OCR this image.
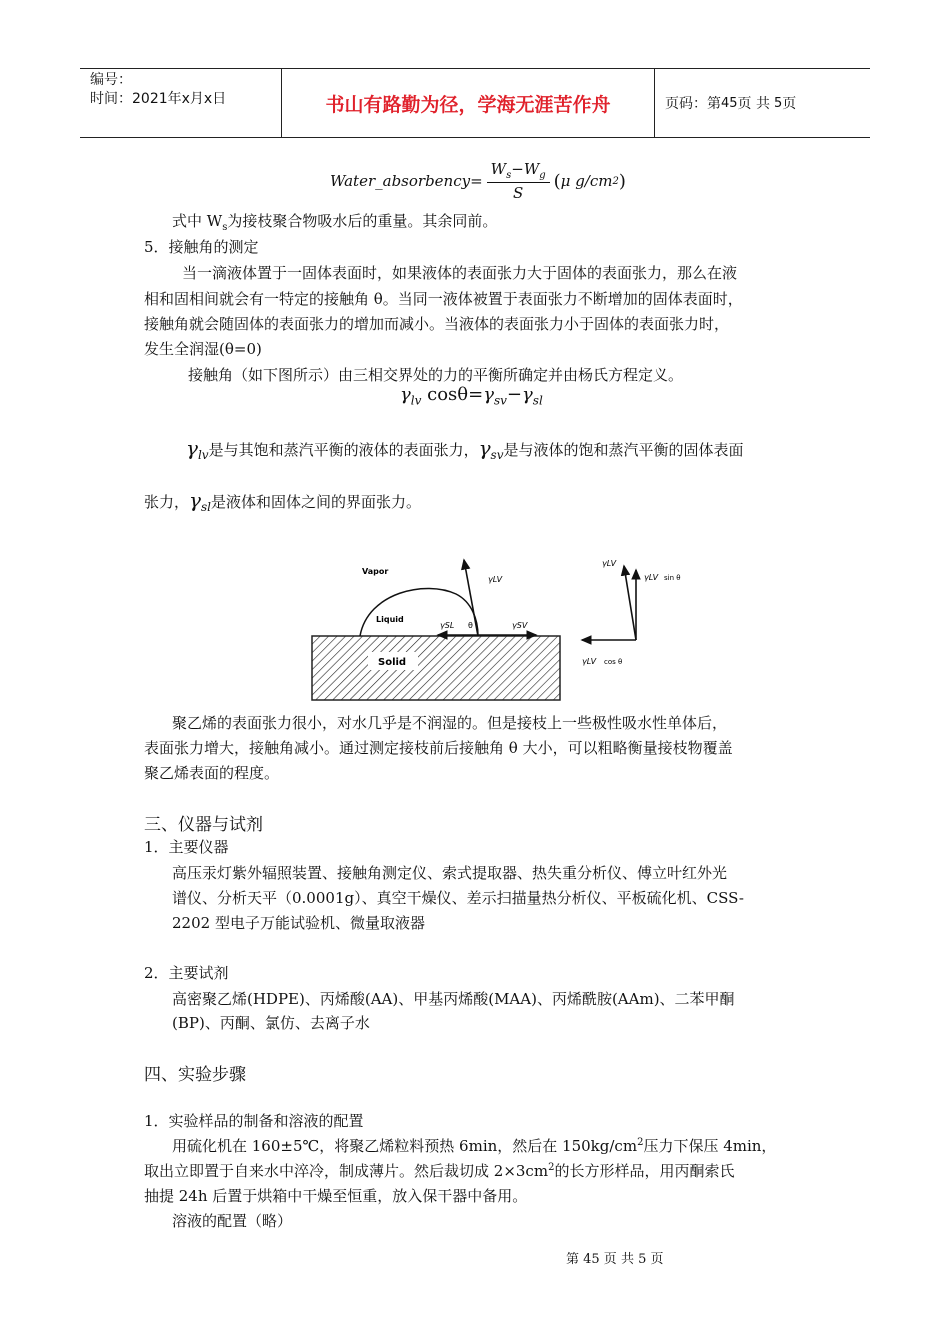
编号：
时间：2021年x月x日	书山有路勤为径，学海无涯苦作舟	页码：第 45 页 共 5 页
Water_absorbency = $\frac{W_s-W_g}{S}$ ( μ g/cm 2 )
式中 $W_s$为接枝聚合物吸水后的重量。其余同前。
5．接触角的测定
当一滴液体置于一固体表面时，如果液体的表面张力大于固体的表面张力，那么在液
相和固相间就会有一特定的接触角 θ。当同一液体被置于表面张力不断增加的固体表面时，
接触角就会随固体的表面张力的增加而减小。当液体的表面张力小于固体的表面张力时，
发生全润湿(θ=0)
接触角（如下图所示）由三相交界处的力的平衡所确定并由杨氏方程定义。
$\gamma_{lv}$ $\cos\theta=\gamma_{sv}-\gamma_{sl}$
$\gamma_{lv}$是与其饱和蒸汽平衡的液体的表面张力，$\gamma_{sv}$是与液体的饱和蒸汽平衡的固体表面
张力，$\gamma_{sl}$是液体和固体之间的界面张力。
Solid
Vapor
Liquid
γLV
γSL θ	γSV
γLV
γLV sin θ
γLV cos θ
聚乙烯的表面张力很小，对水几乎是不润湿的。但是接枝上一些极性吸水性单体后，
表面张力增大，接触角减小。通过测定接枝前后接触角 θ 大小，可以粗略衡量接枝物覆盖
聚乙烯表面的程度。
三、仪器与试剂
1．主要仪器
高压汞灯紫外辐照装置、接触角测定仪、索式提取器、热失重分析仪、傅立叶红外光
谱仪、分析天平（0.0001g）、真空干燥仪、差示扫描量热分析仪、平板硫化机、CSS-
2202 型电子万能试验机、微量取液器
2．主要试剂
高密聚乙烯(HDPE)、丙烯酸(AA)、甲基丙烯酸(MAA)、丙烯酰胺(AAm)、二苯甲酮
(BP)、丙酮、氯仿、去离子水
四、实验步骤
1．实验样品的制备和溶液的配置
用硫化机在 160±5℃，将聚乙烯粒料预热 6min，然后在 $150kg/cm^2$压力下保压 4min，
取出立即置于自来水中淬冷，制成薄片。然后裁切成 $2\times 3cm^2$的长方形样品，用丙酮索氏
抽提 24h 后置于烘箱中干燥至恒重，放入保干器中备用。
溶液的配置（略）
第 45 页 共 5 页
